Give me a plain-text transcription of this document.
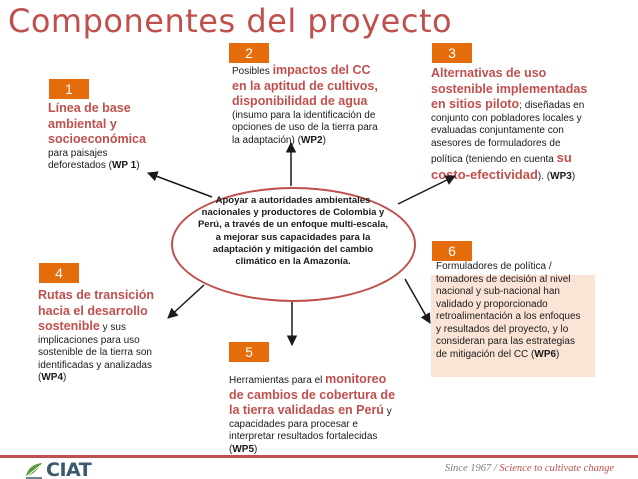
Componentes del proyecto
1
Línea de base ambiental y socioeconómica para paisajes deforestados (WP 1)
2
Posibles impactos del CC en la aptitud de cultivos, disponibilidad de agua (insumo para la identificación de opciones de uso de la tierra para la adaptación) (WP2)
3
Alternativas de uso sostenible implementadas en sitios piloto; diseñadas en conjunto con pobladores locales y evaluadas conjuntamente con asesores de formuladores de política (teniendo en cuenta su costo-efectividad). (WP3)
4
Rutas de transición hacia el desarrollo sostenible y sus implicaciones para uso sostenible de la tierra son identificadas y analizadas (WP4)
5
Herramientas para el monitoreo de cambios de cobertura de la tierra validadas en Perú y capacidades para procesar e interpretar resultados fortalecidas (WP5)
6
Formuladores de política / tomadores de decisión al nivel nacional y sub-nacional han validado y proporcionado retroalimentación a los enfoques y resultados del proyecto, y lo consideran para las estrategias de mitigación del CC (WP6)
Apoyar a autoridades ambientales nacionales y productores de Colombia y Perú, a través de un enfoque multi-escala, a mejorar sus capacidades para la adaptación y mitigación del cambio climático en la Amazonía.
CIAT	Since 1967 / Science to cultivate change
